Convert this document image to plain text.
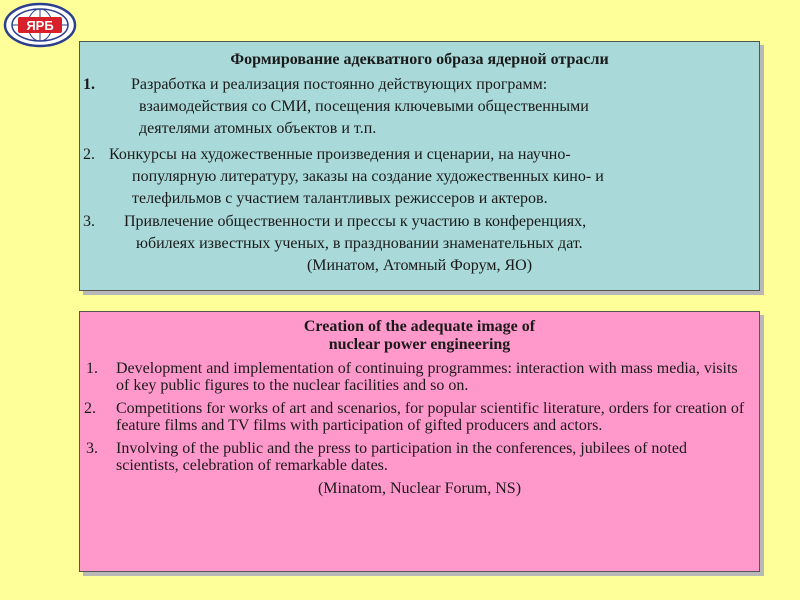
ЯРБ
Формирование адекватного образа ядерной отрасли
1.	Разработка и реализация постоянно действующих программ:
взаимодействия со СМИ, посещения ключевыми общественными
деятелями атомных объектов и т.п.
2. Конкурсы на художественные произведения и сценарии, на научно-
популярную литературу, заказы на создание художественных кино- и
телефильмов с участием талантливых режиссеров и актеров.
3.	Привлечение общественности и прессы к участию в конференциях,
юбилеях известных ученых, в праздновании знаменательных дат.
(Минатом, Атомный Форум, ЯО)
Creation of the adequate image of
nuclear power engineering
1. Development and implementation of continuing programmes: interaction with mass media, visits of key public figures to the nuclear facilities and so on.
2. Competitions for works of art and scenarios, for popular scientific literature, orders for creation of feature films and TV films with participation of gifted producers and actors.
3. Involving of the public and the press to participation in the conferences, jubilees of noted scientists, celebration of remarkable dates.
(Minatom, Nuclear Forum, NS)
